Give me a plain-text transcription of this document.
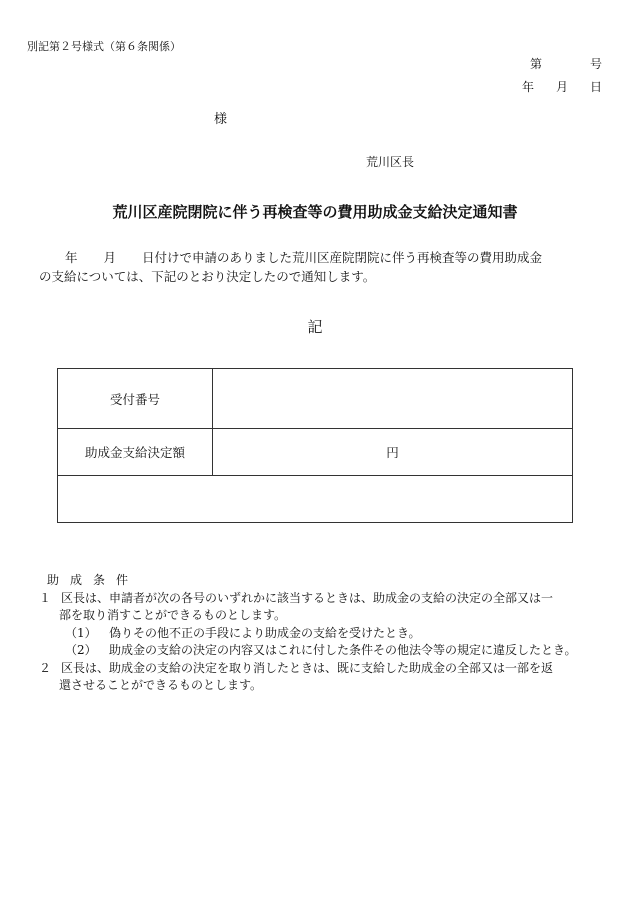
別記第２号様式（第６条関係）
第	号
年 月 日
様
荒川区長
荒川区産院閉院に伴う再検査等の費用助成金支給決定通知書
年 月 日付けで申請のありました荒川区産院閉院に伴う再検査等の費用助成金
の支給については、下記のとおり決定したので通知します。
記
受付番号	
助成金支給決定額	円

助 成 条 件
１ 区長は、申請者が次の各号のいずれかに該当するときは、助成金の支給の決定の全部又は一
部を取り消すことができるものとします。
（1） 偽りその他不正の手段により助成金の支給を受けたとき。
（2） 助成金の支給の決定の内容又はこれに付した条件その他法令等の規定に違反したとき。
２ 区長は、助成金の支給の決定を取り消したときは、既に支給した助成金の全部又は一部を返
還させることができるものとします。
